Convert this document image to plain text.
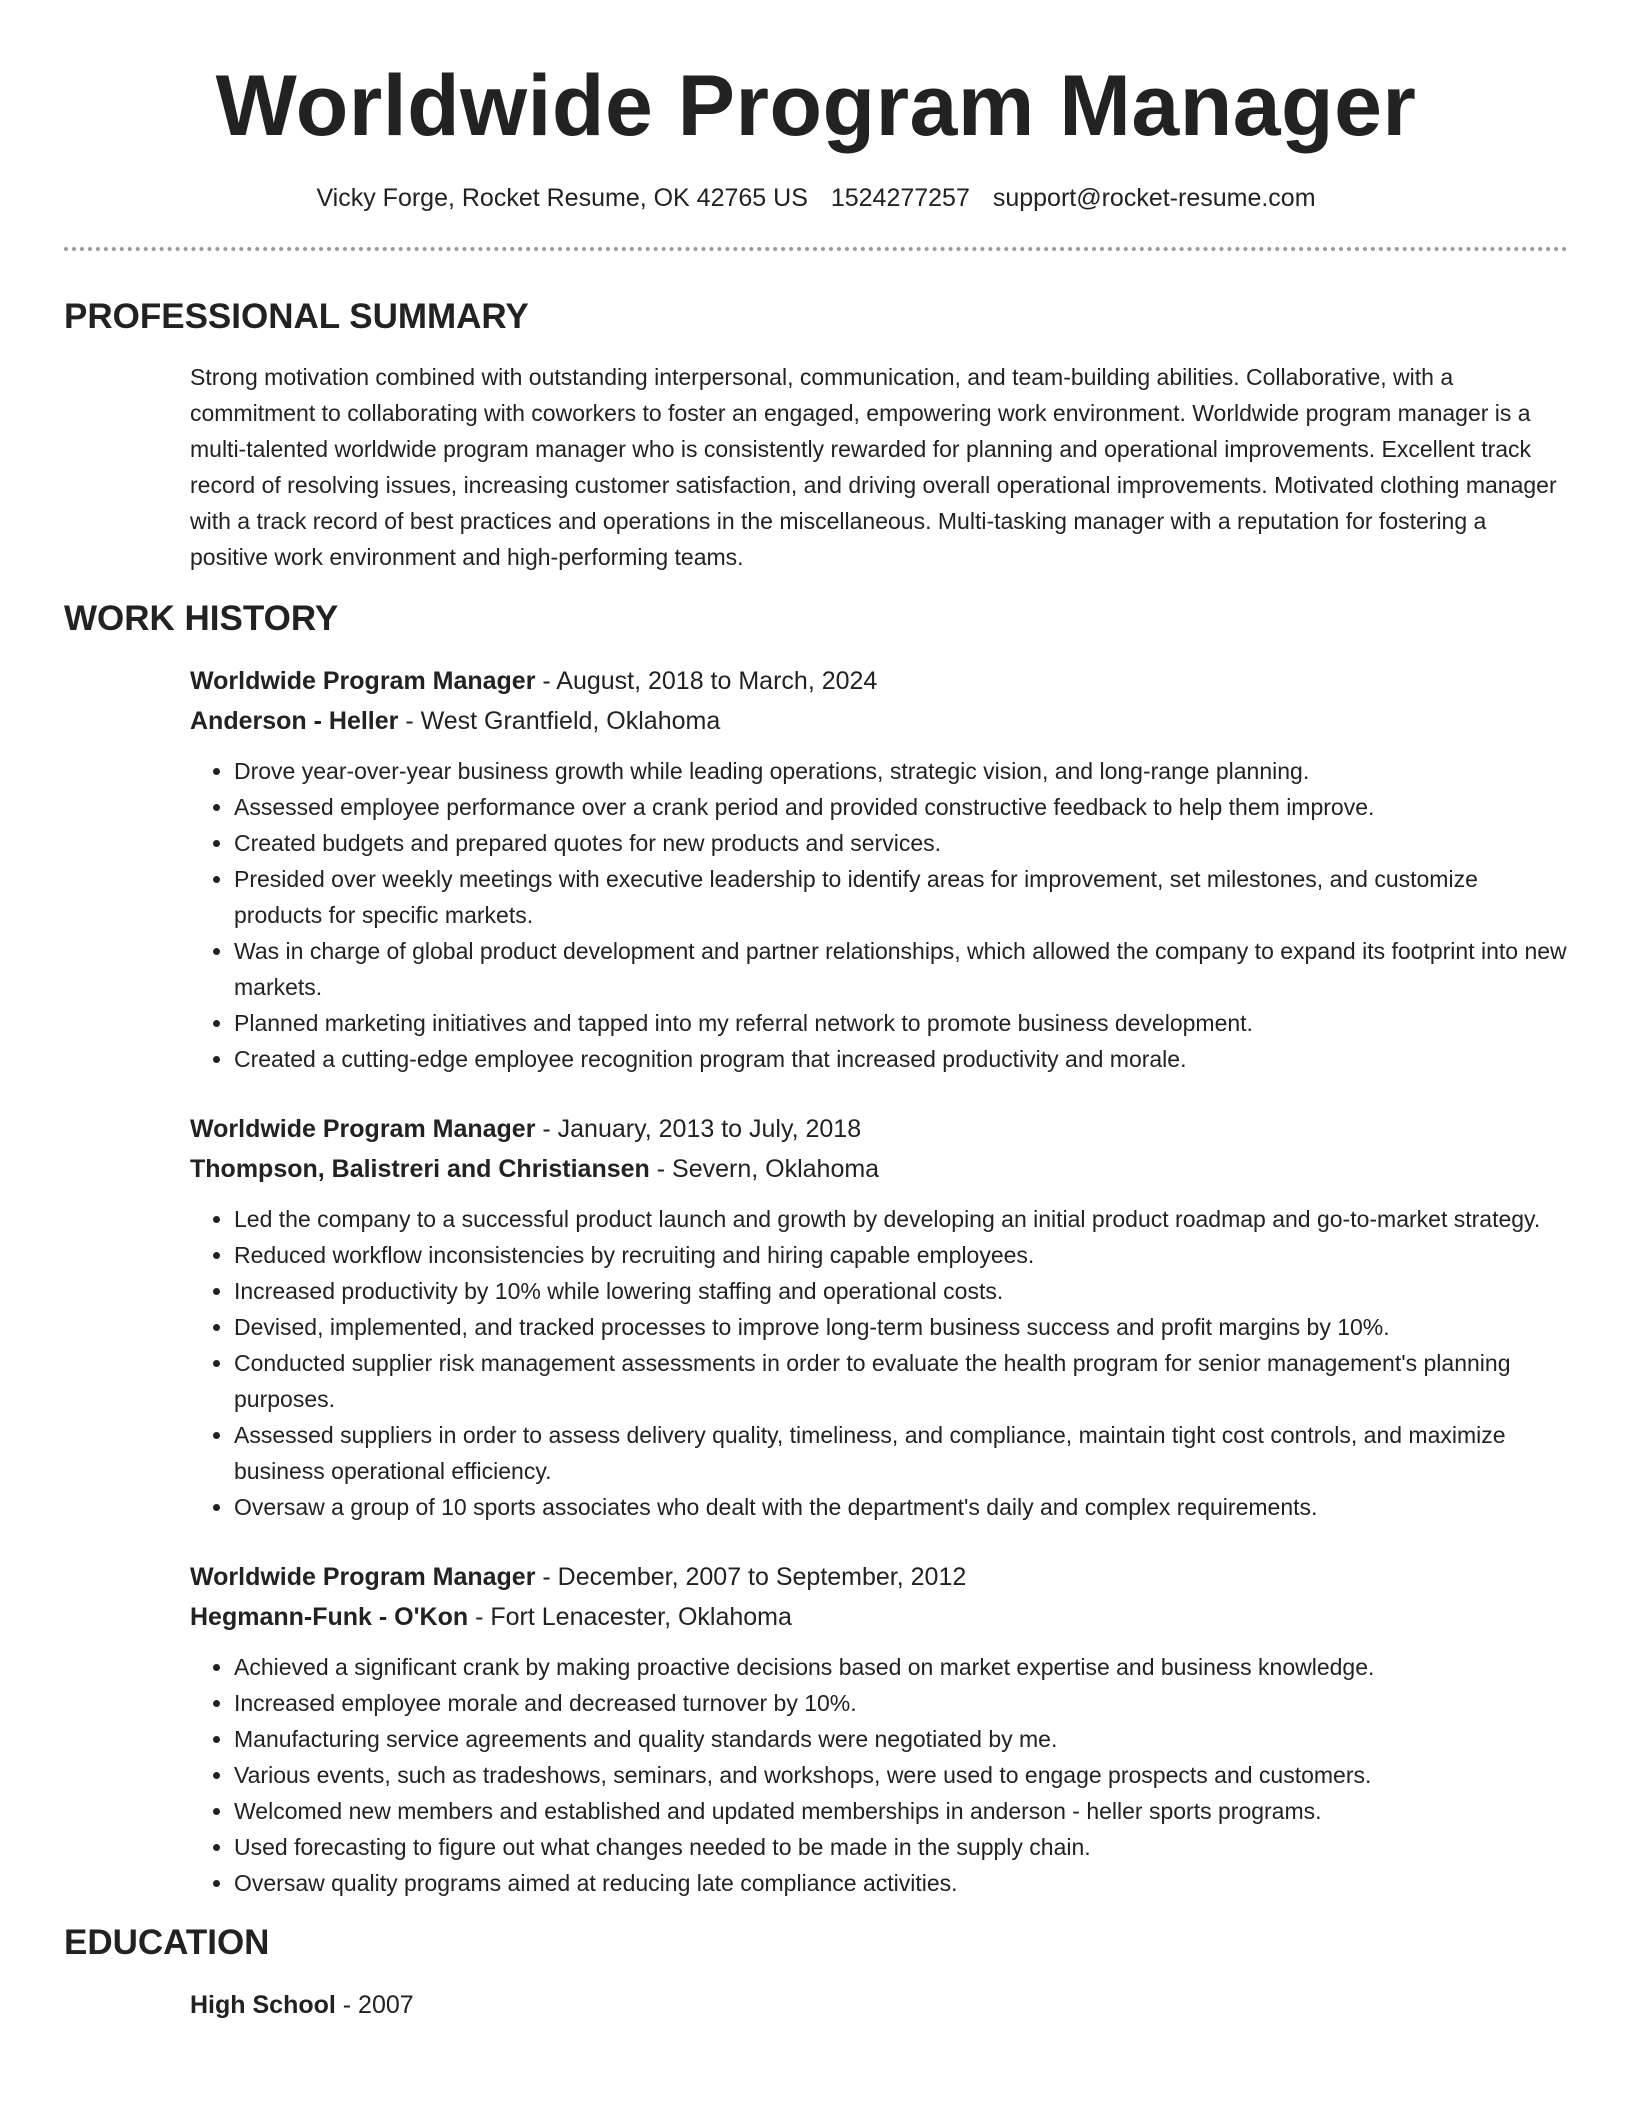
Worldwide Program Manager
Vicky Forge, Rocket Resume, OK 42765 US 1524277257 support@rocket-resume.com
PROFESSIONAL SUMMARY

Strong motivation combined with outstanding interpersonal, communication, and team-building abilities. Collaborative, with a commitment to collaborating with coworkers to foster an engaged, empowering work environment. Worldwide program manager is a multi-talented worldwide program manager who is consistently rewarded for planning and operational improvements. Excellent track record of resolving issues, increasing customer satisfaction, and driving overall operational improvements. Motivated clothing manager with a track record of best practices and operations in the miscellaneous. Multi-tasking manager with a reputation for fostering a positive work environment and high-performing teams.

WORK HISTORY
Worldwide Program Manager - August, 2018 to March, 2024
Anderson - Heller - West Grantfield, Oklahoma
• Drove year-over-year business growth while leading operations, strategic vision, and long-range planning.
• Assessed employee performance over a crank period and provided constructive feedback to help them improve.
• Created budgets and prepared quotes for new products and services.
• Presided over weekly meetings with executive leadership to identify areas for improvement, set milestones, and customize products for specific markets.
• Was in charge of global product development and partner relationships, which allowed the company to expand its footprint into new markets.
• Planned marketing initiatives and tapped into my referral network to promote business development.
• Created a cutting-edge employee recognition program that increased productivity and morale.
Worldwide Program Manager - January, 2013 to July, 2018
Thompson, Balistreri and Christiansen - Severn, Oklahoma
• Led the company to a successful product launch and growth by developing an initial product roadmap and go-to-market strategy.
• Reduced workflow inconsistencies by recruiting and hiring capable employees.
• Increased productivity by 10% while lowering staffing and operational costs.
• Devised, implemented, and tracked processes to improve long-term business success and profit margins by 10%.
• Conducted supplier risk management assessments in order to evaluate the health program for senior management's planning purposes.
• Assessed suppliers in order to assess delivery quality, timeliness, and compliance, maintain tight cost controls, and maximize business operational efficiency.
• Oversaw a group of 10 sports associates who dealt with the department's daily and complex requirements.
Worldwide Program Manager - December, 2007 to September, 2012
Hegmann-Funk - O'Kon - Fort Lenacester, Oklahoma
• Achieved a significant crank by making proactive decisions based on market expertise and business knowledge.
• Increased employee morale and decreased turnover by 10%.
• Manufacturing service agreements and quality standards were negotiated by me.
• Various events, such as tradeshows, seminars, and workshops, were used to engage prospects and customers.
• Welcomed new members and established and updated memberships in anderson - heller sports programs.
• Used forecasting to figure out what changes needed to be made in the supply chain.
• Oversaw quality programs aimed at reducing late compliance activities.
EDUCATION
High School - 2007
